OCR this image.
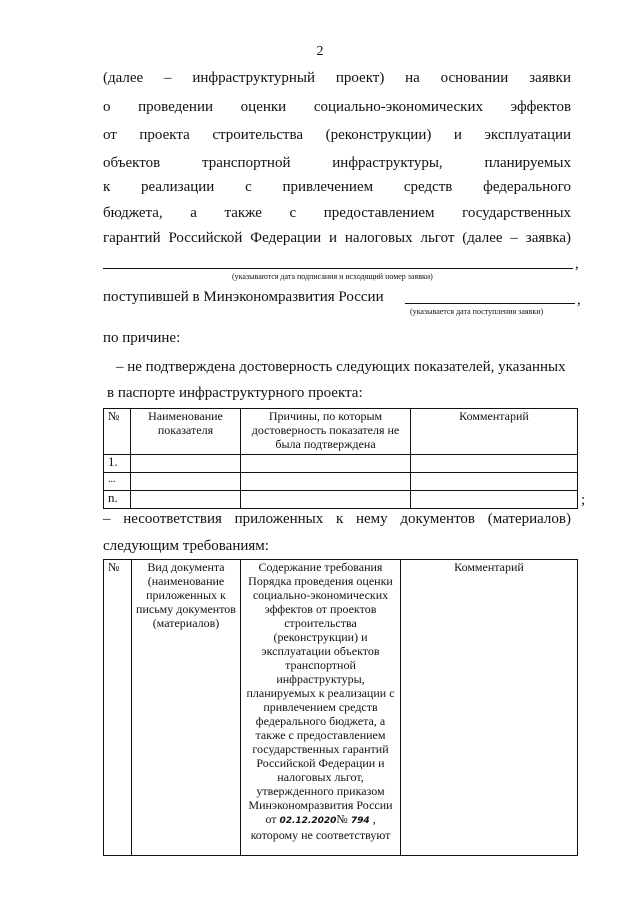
2
(далее – инфраструктурный проект) на основании заявки
о проведении оценки социально-экономических эффектов
от проекта строительства (реконструкции) и эксплуатации
объектов	транспортной	инфраструктуры,	планируемых
к реализации с привлечением средств федерального
бюджета, а также с предоставлением государственных
гарантий Российской Федерации и налоговых льгот (далее – заявка)
,
(указываются дата подписания и исходящий номер заявки)
поступившей в Минэкономразвития России	,
(указывается дата поступления заявки)
по причине:
– не подтверждена достоверность следующих показателей, указанных
в паспорте инфраструктурного проекта:
№	Наименование показателя	Причины, по которым достоверность показателя не была подтверждена	Комментарий
1.			
...			
n.				;
– несоответствия приложенных к нему документов (материалов)
следующим требованиям:
№	Вид документа (наименование приложенных к письму документов (материалов)	Содержание требования Порядка проведения оценки социально-экономических эффектов от проектов строительства (реконструкции) и эксплуатации объектов транспортной инфраструктуры, планируемых к реализации с привлечением средств федерального бюджета, а также с предоставлением государственных гарантий Российской Федерации и налоговых льгот, утвержденного приказом Минэкономразвития России от 02.12.2020№ 794 , которому не соответствуют	Комментарий
